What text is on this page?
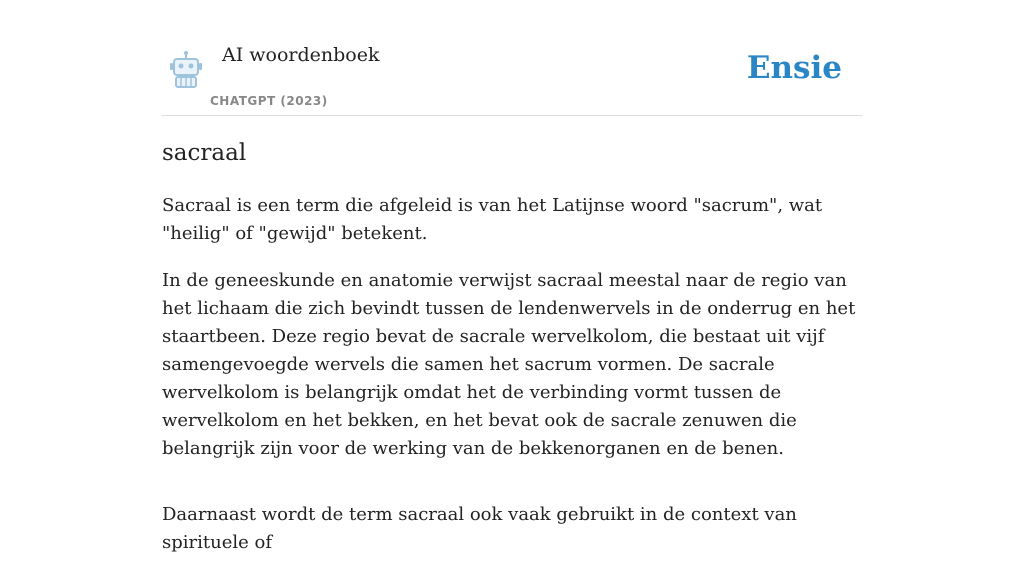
AI woordenboek
CHATGPT (2023)
Ensie
sacraal

Sacraal is een term die afgeleid is van het Latijnse woord "sacrum", wat "heilig" of "gewijd" betekent.

In de geneeskunde en anatomie verwijst sacraal meestal naar de regio van het lichaam die zich bevindt tussen de lendenwervels in de onderrug en het staartbeen. Deze regio bevat de sacrale wervelkolom, die bestaat uit vijf samengevoegde wervels die samen het sacrum vormen. De sacrale wervelkolom is belangrijk omdat het de verbinding vormt tussen de wervelkolom en het bekken, en het bevat ook de sacrale zenuwen die belangrijk zijn voor de werking van de bekkenorganen en de benen.

Daarnaast wordt de term sacraal ook vaak gebruikt in de context van spirituele of
